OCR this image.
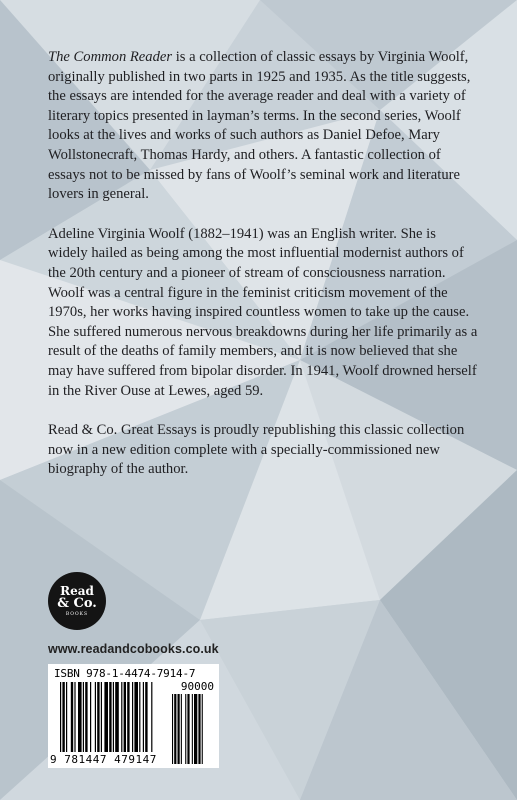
The Common Reader is a collection of classic essays by Virginia Woolf, originally published in two parts in 1925 and 1935. As the title suggests, the essays are intended for the average reader and deal with a variety of literary topics presented in layman’s terms. In the second series, Woolf looks at the lives and works of such authors as Daniel Defoe, Mary Wollstonecraft, Thomas Hardy, and others. A fantastic collection of essays not to be missed by fans of Woolf’s seminal work and literature lovers in general.

Adeline Virginia Woolf (1882–1941) was an English writer. She is widely hailed as being among the most influential modernist authors of the 20th century and a pioneer of stream of consciousness narration. Woolf was a central figure in the feminist criticism movement of the 1970s, her works having inspired countless women to take up the cause. She suffered numerous nervous breakdowns during her life primarily as a result of the deaths of family members, and it is now believed that she may have suffered from bipolar disorder. In 1941, Woolf drowned herself in the River Ouse at Lewes, aged 59.

Read & Co. Great Essays is proudly republishing this classic collection now in a new edition complete with a specially-commissioned new biography of the author.

Read
& Co.
BOOKS
www.readandcobooks.co.uk
ISBN 978-1-4474-7914-7
90000
9 781447 479147
